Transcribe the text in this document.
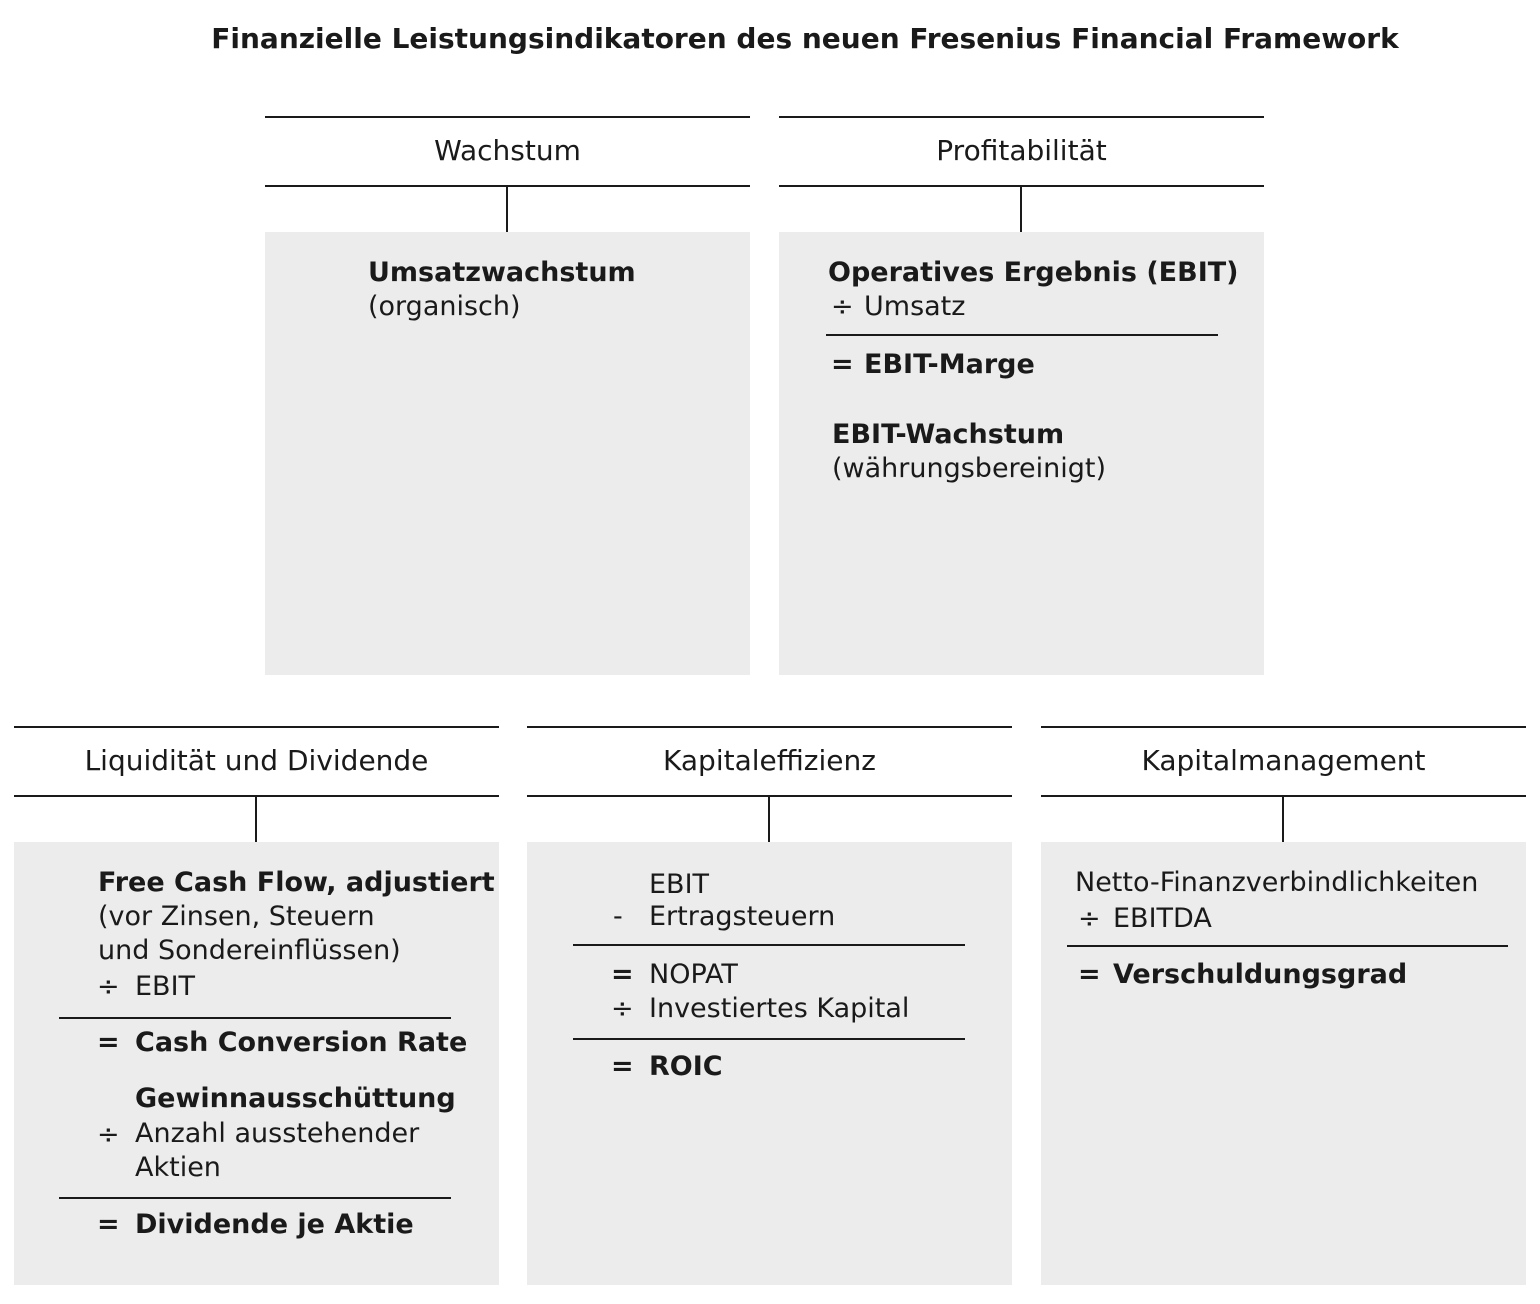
Finanzielle Leistungsindikatoren des neuen Fresenius Financial Framework
Wachstum
Umsatzwachstum
(organisch)
Profitabilität
Operatives Ergebnis (EBIT)
÷ Umsatz
= EBIT-Marge
EBIT-Wachstum
(währungsbereinigt)
Liquidität und Dividende
Free Cash Flow, adjustiert
(vor Zinsen, Steuern
und Sondereinflüssen)
÷ EBIT
= Cash Conversion Rate
Gewinnausschüttung
÷ Anzahl ausstehender
Aktien
= Dividende je Aktie
Kapitaleffizienz
EBIT
- Ertragsteuern
= NOPAT
÷ Investiertes Kapital
= ROIC
Kapitalmanagement
Netto-Finanzverbindlichkeiten
÷ EBITDA
= Verschuldungsgrad
